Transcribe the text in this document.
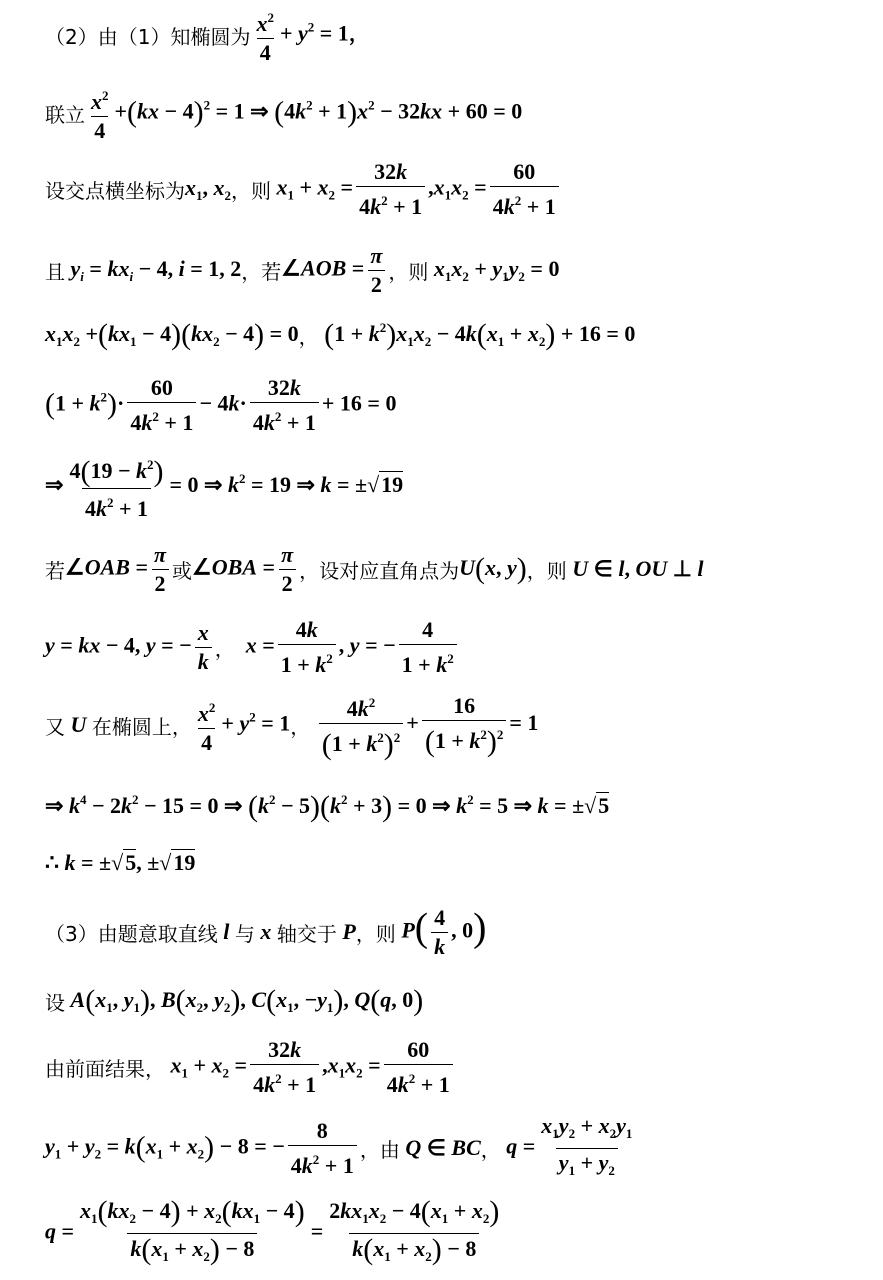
（2）由（1）知椭圆为 $\frac{x^2}{4} + y^2 = 1$，
联立 $\frac{x^2}{4} +(kx - 4)^2 = 1$ ⇒ $(4k^2 + 1)x^2 - 32kx + 60 = 0$
设交点横坐标为 $x_1$, $x_2$ ，则 $x_1 + x_2 = \frac{32k}{4k^2 + 1} ,x_1x_2 = \frac{60}{4k^2 + 1}$
且 $y_i = kx_i - 4$, i = 1, 2 ，若 ∠AOB = $\frac{\pi}{2}$ ，则 $x_1x_2 + y_1y_2 = 0$
$x_1x_2 +(kx_1 - 4)(kx_2 - 4) = 0$ ， $(1 + k^2)x_1x_2 - 4k(x_1 + x_2) + 16 = 0$
$(1 + k^2)\cdot \frac{60}{4k^2 + 1} - 4k\cdot \frac{32k}{4k^2 + 1} + 16 = 0$
⇒ $\frac{4(19 - k^2)}{4k^2 + 1} = 0$ ⇒ $k^2 = 19$ ⇒ k = ±√19
若 ∠OAB = $\frac{\pi}{2}$ 或 ∠OBA = $\frac{\pi}{2}$ ，设对应直角点为 U(x, y) ，则 U ∈ l, OU ⊥ l
y = kx − 4, y = − $\frac{x}{k}$ ， $x = \frac{4k}{1 + k^2}$ , y = − $\frac{4}{1 + k^2}$
又 U 在椭圆上， $\frac{x^2}{4} + y^2 = 1$ ，
$\frac{4k^2}{(1 + k^2)^2} + \frac{16}{(1 + k^2)^2} = 1$
⇒ $k^4 - 2k^2 - 15 = 0$ ⇒ $(k^2 - 5)(k^2 + 3) = 0$ ⇒ $k^2 = 5$ ⇒ k = ±√5
∴ k = ±√5, ±√19
（3）由题意取直线 l 与 x 轴交于 P ，则 $P( \frac{4}{k}$ , 0)
设 $A(x_1$, $y_1$), $B(x_2$, $y_2$), $C(x_1$, $-y_1$), Q(q, 0)
由前面结果， $x_1 + x_2 = \frac{32k}{4k^2 + 1} ,x_1x_2 = \frac{60}{4k^2 + 1}$
$y_1 + y_2 = k(x_1 + x_2) - 8$ = − $\frac{8}{4k^2 + 1}$ ，由 Q ∈ BC ， $q = \frac{x_1y_2 + x_2y_1}{y_1 + y_2}$
$q = \frac{x_1(kx_2 - 4) + x_2(kx_1 - 4)}{k(x_1 + x_2) - 8} = \frac{2kx_1x_2 - 4(x_1 + x_2)}{k(x_1 + x_2) - 8}$
